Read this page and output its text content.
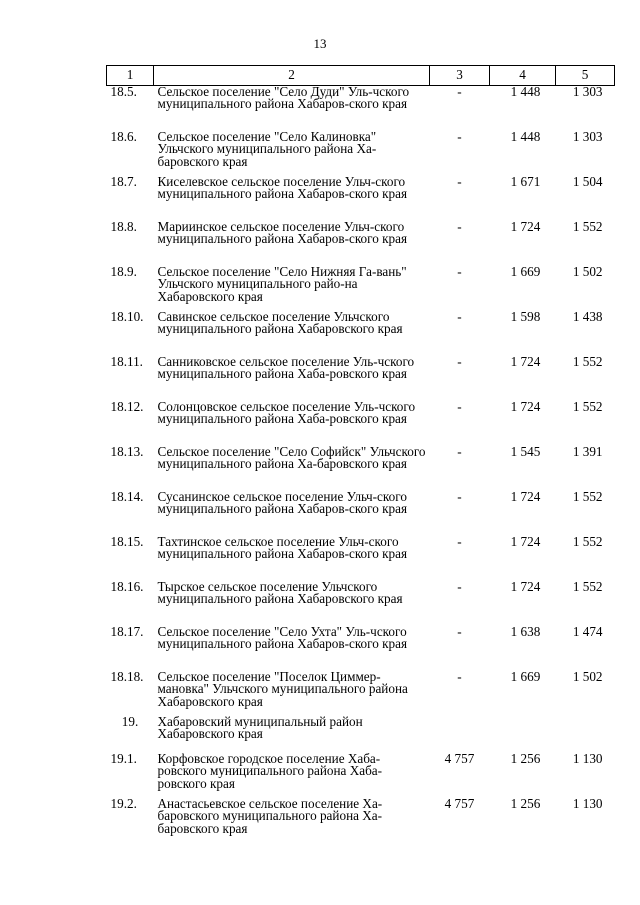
13
1	2	3	4	5
18.5.	Сельское поселение "Село Дуди" Уль-чского муниципального района Хабаров-ского края	-	1 448	1 303
18.6.	Сельское поселение "Село Калиновка" Ульчского муниципального района Ха-баровского края	-	1 448	1 303
18.7.	Киселевское сельское поселение Ульч-ского муниципального района Хабаров-ского края	-	1 671	1 504
18.8.	Мариинское сельское поселение Ульч-ского муниципального района Хабаров-ского края	-	1 724	1 552
18.9.	Сельское поселение "Село Нижняя Га-вань" Ульчского муниципального райо-на Хабаровского края	-	1 669	1 502
18.10.	Савинское сельское поселение Ульчского муниципального района Хабаровского края	-	1 598	1 438
18.11.	Санниковское сельское поселение Уль-чского муниципального района Хаба-ровского края	-	1 724	1 552
18.12.	Солонцовское сельское поселение Уль-чского муниципального района Хаба-ровского края	-	1 724	1 552
18.13.	Сельское поселение "Село Софийск" Ульчского муниципального района Ха-баровского края	-	1 545	1 391
18.14.	Сусанинское сельское поселение Ульч-ского муниципального района Хабаров-ского края	-	1 724	1 552
18.15.	Тахтинское сельское поселение Ульч-ского муниципального района Хабаров-ского края	-	1 724	1 552
18.16.	Тырское сельское поселение Ульчского муниципального района Хабаровского края	-	1 724	1 552
18.17.	Сельское поселение "Село Ухта" Уль-чского муниципального района Хабаров-ского края	-	1 638	1 474
18.18.	Сельское поселение "Поселок Циммер-мановка" Ульчского муниципального района Хабаровского края	-	1 669	1 502
19.	Хабаровский муниципальный район Хабаровского края			
19.1.	Корфовское городское поселение Хаба-ровского муниципального района Хаба-ровского края	4 757	1 256	1 130
19.2.	Анастасьевское сельское поселение Ха-баровского муниципального района Ха-баровского края	4 757	1 256	1 130
